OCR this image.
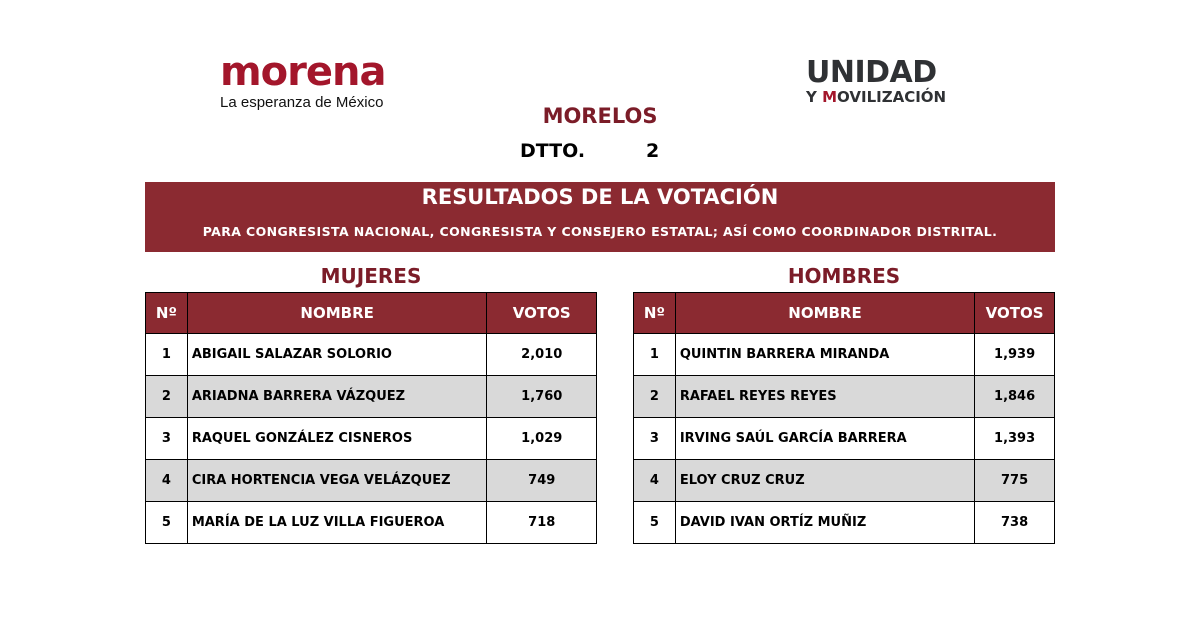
morena
La esperanza de México
UNIDAD
Y MOVILIZACIÓN
MORELOS
DTTO.	2
RESULTADOS DE LA VOTACIÓN
PARA CONGRESISTA NACIONAL, CONGRESISTA Y CONSEJERO ESTATAL; ASÍ COMO COORDINADOR DISTRITAL.
MUJERES	HOMBRES
Nº	NOMBRE	VOTOS
1	ABIGAIL SALAZAR SOLORIO	2,010
2	ARIADNA BARRERA VÁZQUEZ	1,760
3	RAQUEL GONZÁLEZ CISNEROS	1,029
4	CIRA HORTENCIA VEGA VELÁZQUEZ	749
5	MARÍA DE LA LUZ VILLA FIGUEROA	718
Nº	NOMBRE	VOTOS
1	QUINTIN BARRERA MIRANDA	1,939
2	RAFAEL REYES REYES	1,846
3	IRVING SAÚL GARCÍA BARRERA	1,393
4	ELOY CRUZ CRUZ	775
5	DAVID IVAN ORTÍZ MUÑIZ	738
